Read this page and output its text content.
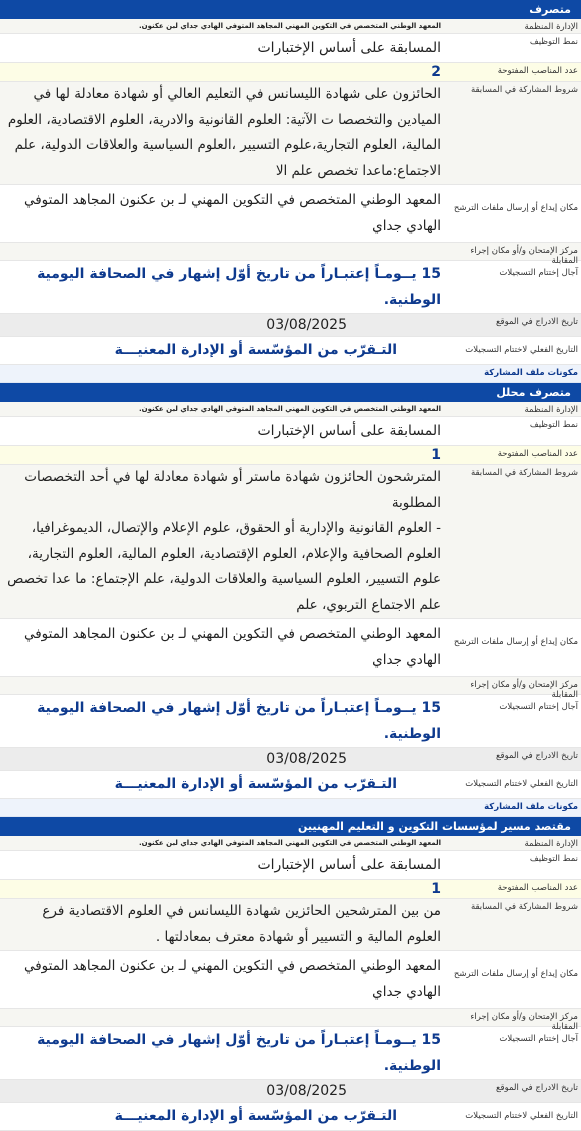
متصرف
الإدارة المنظمة
المعهد الوطني المتخصص في التكوين المهني المجاهد المتوفي الهادي جداي لبن عكنون.
نمط التوظيف
المسابقة على أساس الإختبارات
عدد المناصب المفتوحة
2
شروط المشاركة في المسابقة
الحائزون على شهادة الليسانس في التعليم العالي أو شهادة معادلة لها في الميادين والتخصصا ت الآتية: العلوم القانونية والادرية، العلوم الاقتصادية، العلوم المالية، العلوم التجارية،علوم التسيير ،العلوم السياسية والعلاقات الدولية، علم الاجتماع:ماعدا تخصص علم الا
مكان إيداع أو إرسال ملفات الترشح
المعهد الوطني المتخصص في التكوين المهني لـ بن عكنون المجاهد المتوفي الهادي جداي
مركز الإمتحان و/أو مكان إجراء المقابلة
آجال إختتام التسجيلات
15 يــومـاً إعتبـاراً من تاريخ أوّل إشهار في الصحافة اليومية الوطنية.
تاريخ الادراج في الموقع
03/08/2025
التاريخ الفعلي لاختتام التسجيلات
التـقرّب من المؤسّسة أو الإدارة المعنيـــة
مكونات ملف المشاركة
متصرف محلل
الإدارة المنظمة
المعهد الوطني المتخصص في التكوين المهني المجاهد المتوفي الهادي جداي لبن عكنون.
نمط التوظيف
المسابقة على أساس الإختبارات
عدد المناصب المفتوحة
1
شروط المشاركة في المسابقة
المترشحون الحائزون شهادة ماستر أو شهادة معادلة لها في أحد التخصصات المطلوبة
- العلوم القانونية والإدارية أو الحقوق، علوم الإعلام والإتصال، الديموغرافيا، العلوم الصحافية والإعلام، العلوم الإقتصادية، العلوم المالية، العلوم التجارية، علوم التسيير، العلوم السياسية والعلاقات الدولية، علم الإجتماع: ما عدا تخصص علم الاجتماع التربوي، علم
مكان إيداع أو إرسال ملفات الترشح
المعهد الوطني المتخصص في التكوين المهني لـ بن عكنون المجاهد المتوفي الهادي جداي
مركز الإمتحان و/أو مكان إجراء المقابلة
آجال إختتام التسجيلات
15 يــومـاً إعتبـاراً من تاريخ أوّل إشهار في الصحافة اليومية الوطنية.
تاريخ الادراج في الموقع
03/08/2025
التاريخ الفعلي لاختتام التسجيلات
التـقرّب من المؤسّسة أو الإدارة المعنيـــة
مكونات ملف المشاركة
مقتصد مسير لمؤسسات التكوين و التعليم المهنيين
الإدارة المنظمة
المعهد الوطني المتخصص في التكوين المهني المجاهد المتوفي الهادي جداي لبن عكنون.
نمط التوظيف
المسابقة على أساس الإختبارات
عدد المناصب المفتوحة
1
شروط المشاركة في المسابقة
من بين المترشحين الحائزين شهادة الليسانس في العلوم الاقتصادية فرع العلوم المالية و التسيير أو شهادة معترف بمعادلتها .
مكان إيداع أو إرسال ملفات الترشح
المعهد الوطني المتخصص في التكوين المهني لـ بن عكنون المجاهد المتوفي الهادي جداي
مركز الإمتحان و/أو مكان إجراء المقابلة
آجال إختتام التسجيلات
15 يــومـاً إعتبـاراً من تاريخ أوّل إشهار في الصحافة اليومية الوطنية.
تاريخ الادراج في الموقع
03/08/2025
التاريخ الفعلي لاختتام التسجيلات
التـقرّب من المؤسّسة أو الإدارة المعنيـــة
